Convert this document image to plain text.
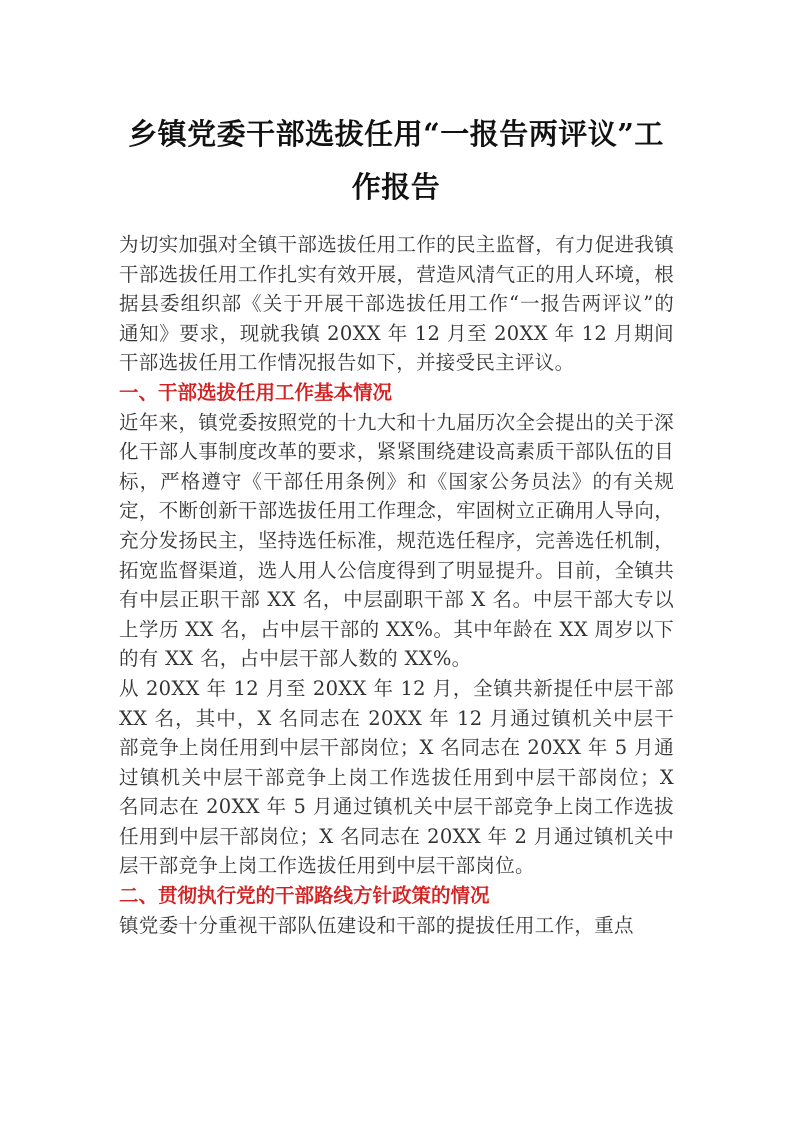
乡镇党委干部选拔任用“一报告两评议”工作报告

为切实加强对全镇干部选拔任用工作的民主监督，有力促进我镇干部选拔任用工作扎实有效开展，营造风清气正的用人环境，根据县委组织部《关于开展干部选拔任用工作“一报告两评议”的通知》要求，现就我镇 20XX 年 12 月至 20XX 年 12 月期间干部选拔任用工作情况报告如下，并接受民主评议。

一、干部选拔任用工作基本情况

近年来，镇党委按照党的十九大和十九届历次全会提出的关于深化干部人事制度改革的要求，紧紧围绕建设高素质干部队伍的目标，严格遵守《干部任用条例》和《国家公务员法》的有关规定，不断创新干部选拔任用工作理念，牢固树立正确用人导向，充分发扬民主，坚持选任标准，规范选任程序，完善选任机制，拓宽监督渠道，选人用人公信度得到了明显提升。目前，全镇共有中层正职干部 XX 名，中层副职干部 X 名。中层干部大专以上学历 XX 名，占中层干部的 XX%。其中年龄在 XX 周岁以下的有 XX 名，占中层干部人数的 XX%。

从 20XX 年 12 月至 20XX 年 12 月，全镇共新提任中层干部 XX 名，其中，X 名同志在 20XX 年 12 月通过镇机关中层干部竞争上岗任用到中层干部岗位；X 名同志在 20XX 年 5 月通过镇机关中层干部竞争上岗工作选拔任用到中层干部岗位；X 名同志在 20XX 年 5 月通过镇机关中层干部竞争上岗工作选拔任用到中层干部岗位；X 名同志在 20XX 年 2 月通过镇机关中层干部竞争上岗工作选拔任用到中层干部岗位。

二、贯彻执行党的干部路线方针政策的情况

镇党委十分重视干部队伍建设和干部的提拔任用工作，重点
